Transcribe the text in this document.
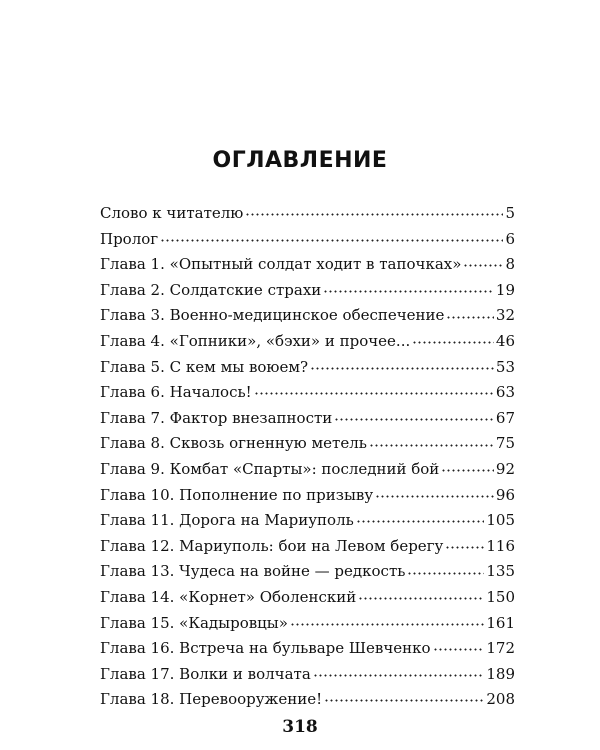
ОГЛАВЛЕНИЕ
Слово к читателю	5
Пролог	6
Глава 1. «Опытный солдат ходит в тапочках»	8
Глава 2. Солдатские страхи	19
Глава 3. Военно-медицинское обеспечение	32
Глава 4. «Гопники», «бэхи» и прочее...	46
Глава 5. С кем мы воюем?	53
Глава 6. Началось!	63
Глава 7. Фактор внезапности	67
Глава 8. Сквозь огненную метель	75
Глава 9. Комбат «Спарты»: последний бой	92
Глава 10. Пополнение по призыву	96
Глава 11. Дорога на Мариуполь	105
Глава 12. Мариуполь: бои на Левом берегу	116
Глава 13. Чудеса на войне — редкость	135
Глава 14. «Корнет» Оболенский	150
Глава 15. «Кадыровцы»	161
Глава 16. Встреча на бульваре Шевченко	172
Глава 17. Волки и волчата	189
Глава 18. Перевооружение!	208
318
